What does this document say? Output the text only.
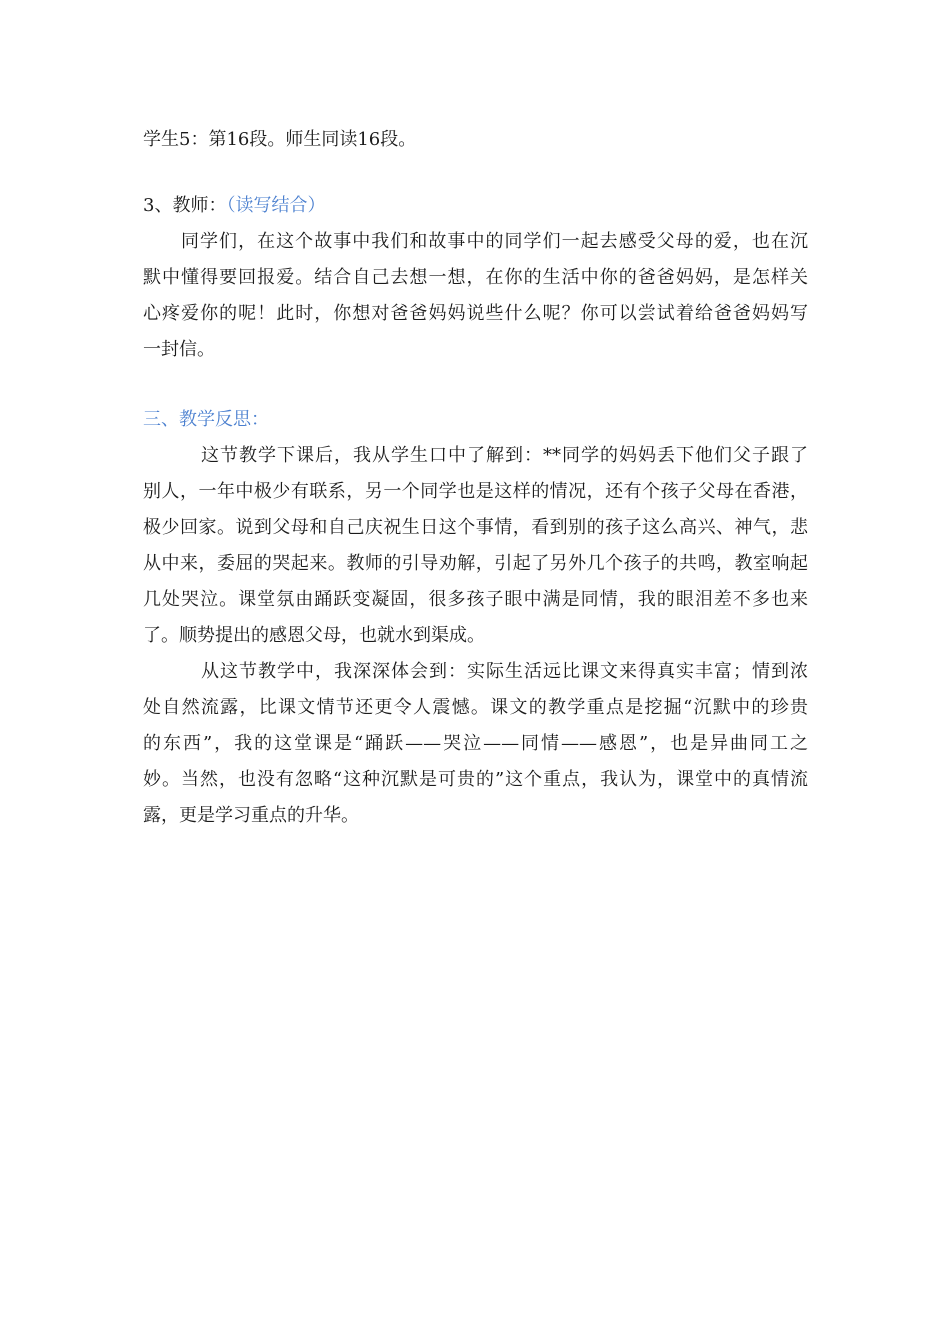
学生5：第16段。师生同读16段。
3、教师：（读写结合）
同学们，在这个故事中我们和故事中的同学们一起去感受父母的爱，也在沉
默中懂得要回报爱。结合自己去想一想，在你的生活中你的爸爸妈妈，是怎样关
心疼爱你的呢！此时，你想对爸爸妈妈说些什么呢？你可以尝试着给爸爸妈妈写
一封信。
三、教学反思：
这节教学下课后，我从学生口中了解到：**同学的妈妈丢下他们父子跟了
别人，一年中极少有联系，另一个同学也是这样的情况，还有个孩子父母在香港，
极少回家。说到父母和自己庆祝生日这个事情，看到别的孩子这么高兴、神气，悲
从中来，委屈的哭起来。教师的引导劝解，引起了另外几个孩子的共鸣，教室响起
几处哭泣。课堂氛由踊跃变凝固，很多孩子眼中满是同情，我的眼泪差不多也来
了。顺势提出的感恩父母，也就水到渠成。
从这节教学中，我深深体会到：实际生活远比课文来得真实丰富；情到浓
处自然流露，比课文情节还更令人震憾。课文的教学重点是挖掘“沉默中的珍贵
的东西”，我的这堂课是“踊跃——哭泣——同情——感恩”，也是异曲同工之
妙。当然，也没有忽略“这种沉默是可贵的”这个重点，我认为，课堂中的真情流
露，更是学习重点的升华。
